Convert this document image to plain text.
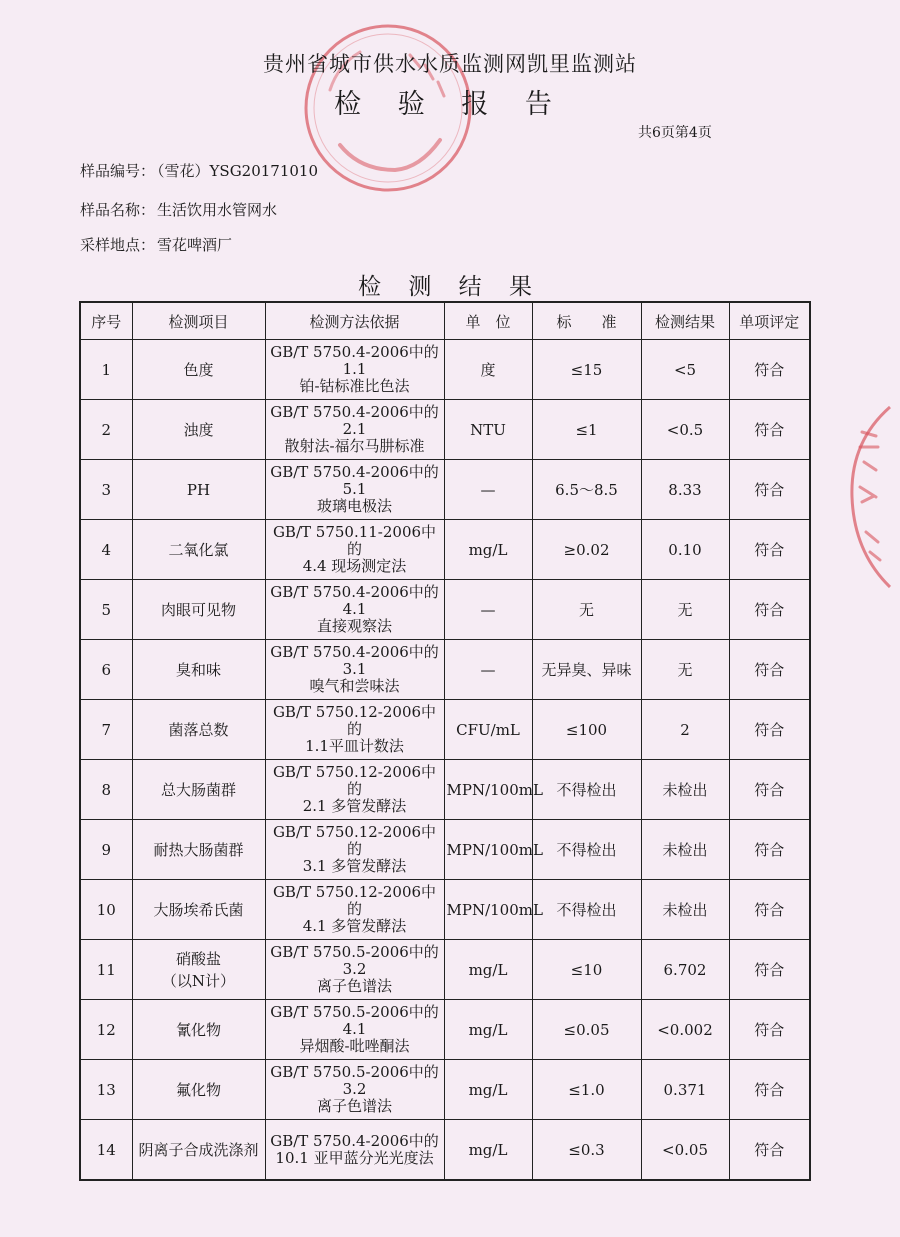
贵州省城市供水水质监测网凯里监测站
检 验 报 告
共6页第4页
样品编号： （雪花）YSG20171010
样品名称： 生活饮用水管网水
采样地点： 雪花啤酒厂
检 测 结 果
序号	检测项目	检测方法依据	单　位	标　　准	检测结果	单项评定
1	色度	GB/T 5750.4-2006中的1.1
铂-钴标准比色法	度	≤15	<5	符合
2	浊度	GB/T 5750.4-2006中的2.1
散射法-福尔马肼标准	NTU	≤1	<0.5	符合
3	PH	GB/T 5750.4-2006中的5.1
玻璃电极法	—	6.5～8.5	8.33	符合
4	二氧化氯	GB/T 5750.11-2006中的
4.4 现场测定法	mg/L	≥0.02	0.10	符合
5	肉眼可见物	GB/T 5750.4-2006中的4.1
直接观察法	—	无	无	符合
6	臭和味	GB/T 5750.4-2006中的3.1
嗅气和尝味法	—	无异臭、异味	无	符合
7	菌落总数	GB/T 5750.12-2006中的
1.1平皿计数法	CFU/mL	≤100	2	符合
8	总大肠菌群	GB/T 5750.12-2006中的
2.1 多管发酵法	MPN/100mL	不得检出	未检出	符合
9	耐热大肠菌群	GB/T 5750.12-2006中的
3.1 多管发酵法	MPN/100mL	不得检出	未检出	符合
10	大肠埃希氏菌	GB/T 5750.12-2006中的
4.1 多管发酵法	MPN/100mL	不得检出	未检出	符合
11	硝酸盐
（以N计）	GB/T 5750.5-2006中的3.2
离子色谱法	mg/L	≤10	6.702	符合
12	氰化物	GB/T 5750.5-2006中的4.1
异烟酸-吡唑酮法	mg/L	≤0.05	<0.002	符合
13	氟化物	GB/T 5750.5-2006中的3.2
离子色谱法	mg/L	≤1.0	0.371	符合
14	阴离子合成洗涤剂	GB/T 5750.4-2006中的
10.1 亚甲蓝分光光度法	mg/L	≤0.3	<0.05	符合
